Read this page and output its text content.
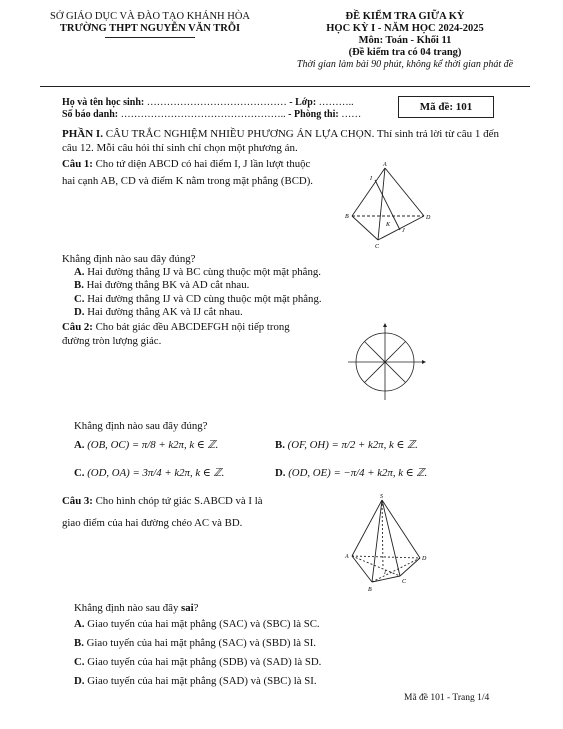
SỞ GIÁO DỤC VÀ ĐÀO TẠO KHÁNH HÒA
TRƯỜNG THPT NGUYỄN VĂN TRỖI
ĐỀ KIỂM TRA GIỮA KỲ
HỌC KỲ I - NĂM HỌC 2024-2025
Môn: Toán - Khối 11
(Đề kiểm tra có 04 trang)
Thời gian làm bài 90 phút, không kể thời gian phát đề
Họ và tên học sinh: …………………………………… - Lớp: ………..
Số báo danh: ………………………………………….. - Phòng thi: ……
Mã đề: 101
PHẦN I. CÂU TRẮC NGHIỆM NHIỀU PHƯƠNG ÁN LỰA CHỌN. Thí sinh trả lời từ câu 1 đến
câu 12. Mỗi câu hỏi thí sinh chỉ chọn một phương án.
Câu 1: Cho tứ diện ABCD có hai điểm I, J lần lượt thuộc
hai cạnh AB, CD và điểm K nằm trong mặt phẳng (BCD).
A
B
C
D
I
J
K
Khẳng định nào sau đây đúng?
A. Hai đường thẳng IJ và BC cùng thuộc một mặt phẳng.
B. Hai đường thẳng BK và AD cắt nhau.
C. Hai đường thẳng IJ và CD cùng thuộc một mặt phẳng.
D. Hai đường thẳng AK và IJ cắt nhau.
Câu 2: Cho bát giác đều ABCDEFGH nội tiếp trong
đường tròn lượng giác.
Khẳng định nào sau đây đúng?
A. (OB, OC) = π/8 + k2π, k ∈ ℤ.	B. (OF, OH) = π/2 + k2π, k ∈ ℤ.
C. (OD, OA) = 3π/4 + k2π, k ∈ ℤ.	D. (OD, OE) = −π/4 + k2π, k ∈ ℤ.
Câu 3: Cho hình chóp tứ giác S.ABCD và I là
giao điểm của hai đường chéo AC và BD.
S
A
B
C
D
I
Khẳng định nào sau đây sai?
A. Giao tuyến của hai mặt phẳng (SAC) và (SBC) là SC.
B. Giao tuyến của hai mặt phẳng (SAC) và (SBD) là SI.
C. Giao tuyến của hai mặt phẳng (SDB) và (SAD) là SD.
D. Giao tuyến của hai mặt phẳng (SAD) và (SBC) là SI.
Mã đề 101 - Trang 1/4
